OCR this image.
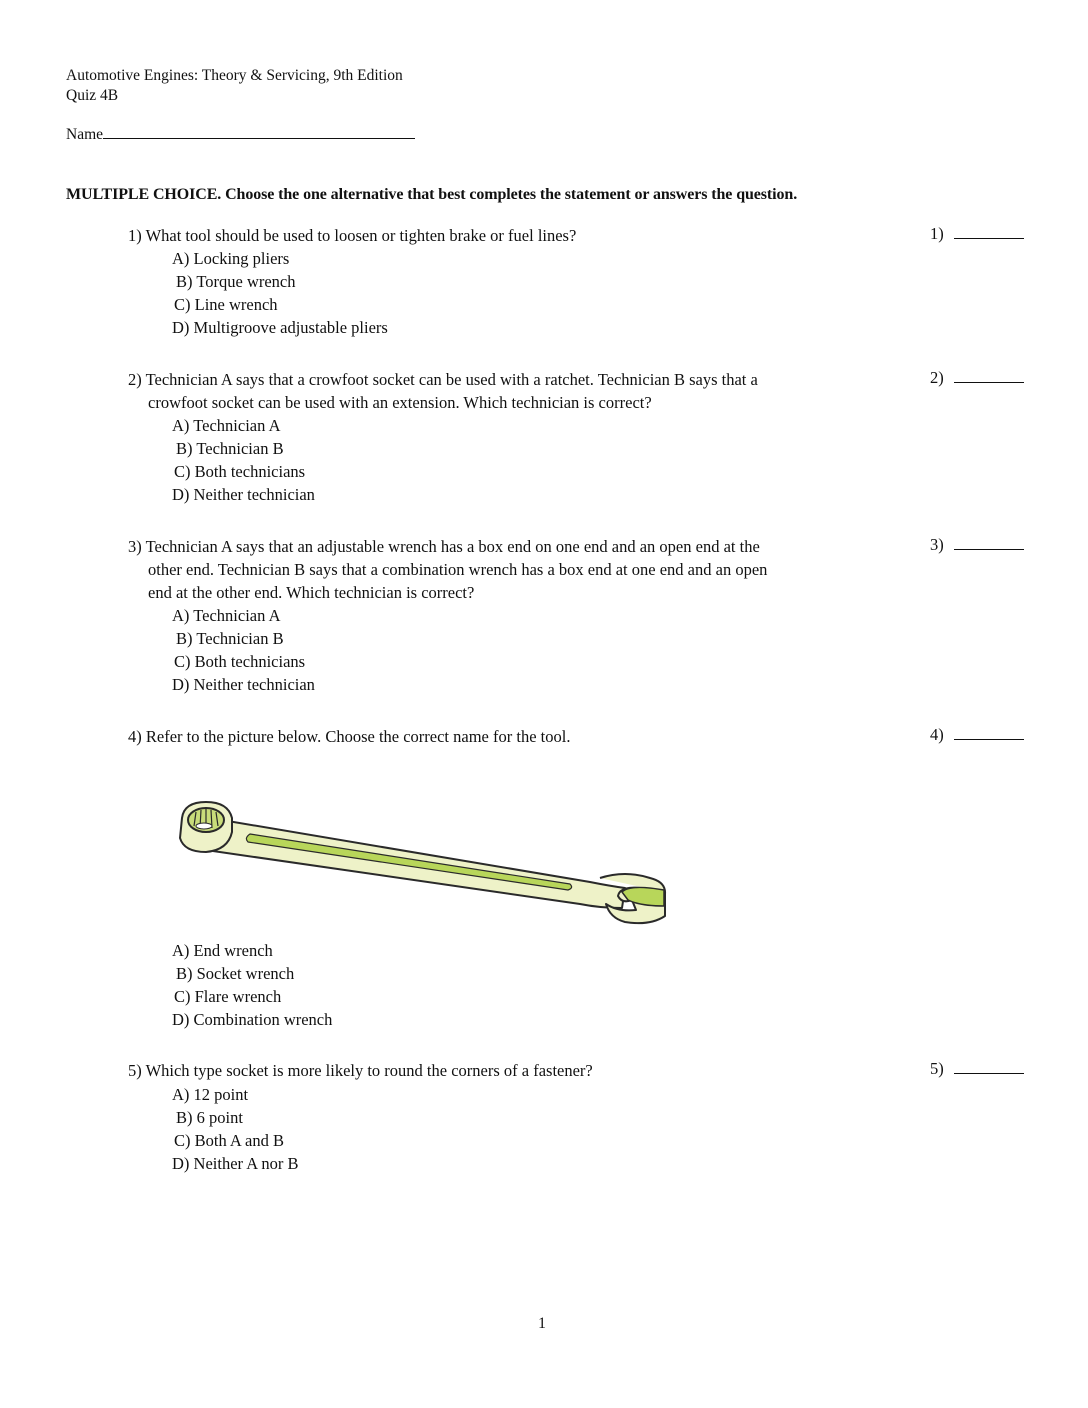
Automotive Engines: Theory & Servicing, 9th Edition
Quiz 4B
Name
MULTIPLE CHOICE. Choose the one alternative that best completes the statement or answers the question.
1) What tool should be used to loosen or tighten brake or fuel lines?	1)
A) Locking pliers
B) Torque wrench
C) Line wrench
D) Multigroove adjustable pliers
2) Technician A says that a crowfoot socket can be used with a ratchet. Technician B says that a
crowfoot socket can be used with an extension. Which technician is correct?
2)
A) Technician A
B) Technician B
C) Both technicians
D) Neither technician
3) Technician A says that an adjustable wrench has a box end on one end and an open end at the
other end. Technician B says that a combination wrench has a box end at one end and an open
end at the other end. Which technician is correct?
3)
A) Technician A
B) Technician B
C) Both technicians
D) Neither technician
4) Refer to the picture below. Choose the correct name for the tool.	4)
A) End wrench
B) Socket wrench
C) Flare wrench
D) Combination wrench
5) Which type socket is more likely to round the corners of a fastener?	5)
A) 12 point
B) 6 point
C) Both A and B
D) Neither A nor B
1
